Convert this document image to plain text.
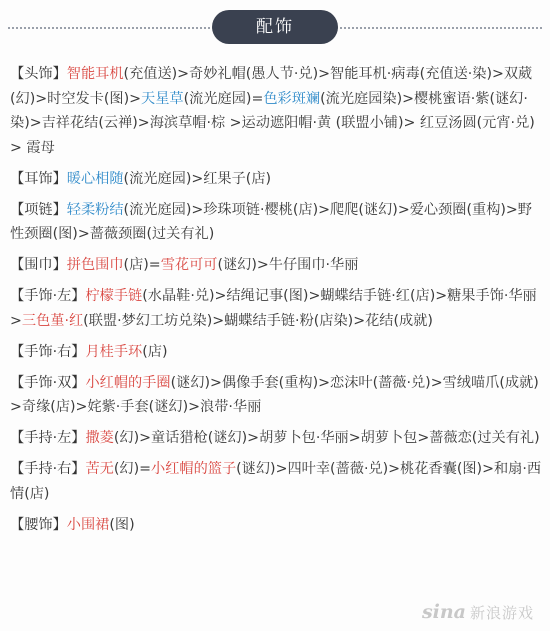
配饰
【头饰】智能耳机(充值送)>奇妙礼帽(愚人节·兑)>智能耳机·病毒(充值送·染)>双葳(幻)>时空发卡(图)>天星草(流光庭园)=色彩斑斓(流光庭园染)>樱桃蜜语·紫(谜幻·染)>吉祥花结(云禅)>海滨草帽·棕 >运动遮阳帽·黄 (联盟小铺)> 红豆汤圆(元宵·兑)> 霞母
【耳饰】暖心相随(流光庭园)>红果子(店)
【项链】轻柔粉结(流光庭园)>珍珠项链·樱桃(店)>爬爬(谜幻)>爱心颈圈(重构)>野性颈圈(图)>蔷薇颈圈(过关有礼)
【围巾】拼色围巾(店)=雪花可可(谜幻)>牛仔围巾·华丽
【手饰·左】柠檬手链(水晶鞋·兑)>结绳记事(图)>蝴蝶结手链·红(店)>糖果手饰·华丽>三色堇·红(联盟·梦幻工坊兑染)>蝴蝶结手链·粉(店染)>花结(成就)
【手饰·右】月桂手环(店)
【手饰·双】小红帽的手圈(谜幻)>偶像手套(重构)>恋沫叶(蔷薇·兑)>雪绒喵爪(成就)>奇缘(店)>姹紫·手套(谜幻)>浪带·华丽
【手持·左】撒菱(幻)>童话猎枪(谜幻)>胡萝卜包·华丽>胡萝卜包>蔷薇恋(过关有礼)
【手持·右】苦无(幻)=小红帽的篮子(谜幻)>四叶幸(蔷薇·兑)>桃花香囊(图)>和扇·西情(店)
【腰饰】小围裙(图)
sina 新浪游戏
